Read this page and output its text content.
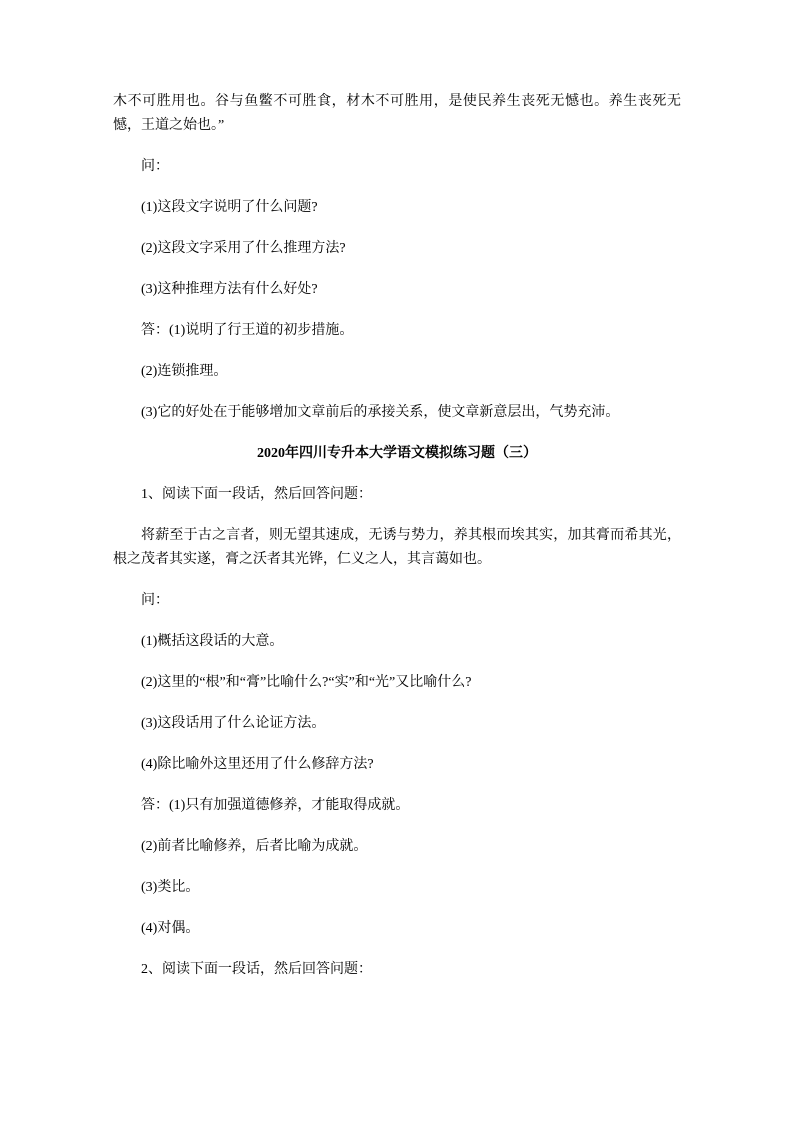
木不可胜用也。谷与鱼鳖不可胜食，材木不可胜用，是使民养生丧死无憾也。养生丧死无憾，王道之始也。”

问：

(1)这段文字说明了什么问题?

(2)这段文字采用了什么推理方法?

(3)这种推理方法有什么好处?

答：(1)说明了行王道的初步措施。

(2)连锁推理。

(3)它的好处在于能够增加文章前后的承接关系，使文章新意层出，气势充沛。

2020年四川专升本大学语文模拟练习题（三）

1、阅读下面一段话，然后回答问题：

将薪至于古之言者，则无望其速成，无诱与势力，养其根而埃其实，加其膏而希其光，根之茂者其实遂，膏之沃者其光铧，仁义之人，其言蔼如也。

问：

(1)概括这段话的大意。

(2)这里的“根”和“膏”比喻什么?“实”和“光”又比喻什么?

(3)这段话用了什么论证方法。

(4)除比喻外这里还用了什么修辞方法?

答：(1)只有加强道德修养，才能取得成就。

(2)前者比喻修养，后者比喻为成就。

(3)类比。

(4)对偶。

2、阅读下面一段话，然后回答问题：
